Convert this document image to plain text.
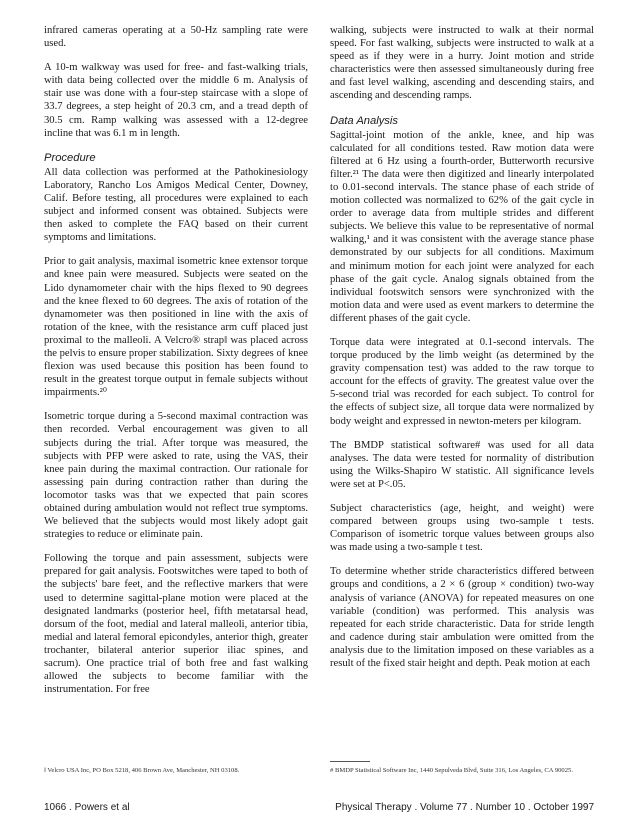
infrared cameras operating at a 50-Hz sampling rate were used.

A 10-m walkway was used for free- and fast-walking trials, with data being collected over the middle 6 m. Analysis of stair use was done with a four-step staircase with a slope of 33.7 degrees, a step height of 20.3 cm, and a tread depth of 30.5 cm. Ramp walking was assessed with a 12-degree incline that was 6.1 m in length.

Procedure

All data collection was performed at the Pathokinesiology Laboratory, Rancho Los Amigos Medical Center, Downey, Calif. Before testing, all procedures were explained to each subject and informed consent was obtained. Subjects were then asked to complete the FAQ based on their current symptoms and limitations.

Prior to gait analysis, maximal isometric knee extensor torque and knee pain were measured. Subjects were seated on the Lido dynamometer chair with the hips flexed to 90 degrees and the knee flexed to 60 degrees. The axis of rotation of the dynamometer was then positioned in line with the axis of rotation of the knee, with the resistance arm cuff placed just proximal to the malleoli. A Velcro® strap‖ was placed across the pelvis to ensure proper stabilization. Sixty degrees of knee flexion was used because this position has been found to result in the greatest torque output in female subjects without impairments.²⁰

Isometric torque during a 5-second maximal contraction was then recorded. Verbal encouragement was given to all subjects during the trial. After torque was measured, the subjects with PFP were asked to rate, using the VAS, their knee pain during the maximal contraction. Our rationale for assessing pain during contraction rather than during the locomotor tasks was that we expected that pain scores obtained during ambulation would not reflect true symptoms. We believed that the subjects would most likely adopt gait strategies to reduce or eliminate pain.

Following the torque and pain assessment, subjects were prepared for gait analysis. Footswitches were taped to both of the subjects' bare feet, and the reflective markers that were used to determine sagittal-plane motion were placed at the designated landmarks (posterior heel, fifth metatarsal head, dorsum of the foot, medial and lateral malleoli, anterior tibia, medial and lateral femoral epicondyles, anterior thigh, greater trochanter, bilateral anterior superior iliac spines, and sacrum). One practice trial of both free and fast walking allowed the subjects to become familiar with the instrumentation. For free

walking, subjects were instructed to walk at their normal speed. For fast walking, subjects were instructed to walk at a speed as if they were in a hurry. Joint motion and stride characteristics were then assessed simultaneously during free and fast level walking, ascending and descending stairs, and ascending and descending ramps.

Data Analysis

Sagittal-joint motion of the ankle, knee, and hip was calculated for all conditions tested. Raw motion data were filtered at 6 Hz using a fourth-order, Butterworth recursive filter.²¹ The data were then digitized and linearly interpolated to 0.01-second intervals. The stance phase of each stride of motion collected was normalized to 62% of the gait cycle in order to average data from multiple strides and different subjects. We believe this value to be representative of normal walking,¹ and it was consistent with the average stance phase demonstrated by our subjects for all conditions. Maximum and minimum motion for each joint were analyzed for each phase of the gait cycle. Analog signals obtained from the individual footswitch sensors were synchronized with the motion data and were used as event markers to determine the different phases of the gait cycle.

Torque data were integrated at 0.1-second intervals. The torque produced by the limb weight (as determined by the gravity compensation test) was added to the raw torque to account for the effects of gravity. The greatest value over the 5-second trial was recorded for each subject. To control for the effects of subject size, all torque data were normalized by body weight and expressed in newton-meters per kilogram.

The BMDP statistical software# was used for all data analyses. The data were tested for normality of distribution using the Wilks-Shapiro W statistic. All significance levels were set at P<.05.

Subject characteristics (age, height, and weight) were compared between groups using two-sample t tests. Comparison of isometric torque values between groups also was made using a two-sample t test.

To determine whether stride characteristics differed between groups and conditions, a 2 × 6 (group × condition) two-way analysis of variance (ANOVA) for repeated measures on one variable (condition) was performed. This analysis was repeated for each stride characteristic. Data for stride length and cadence during stair ambulation were omitted from the analysis due to the limitation imposed on these variables as a result of the fixed stair height and depth. Peak motion at each

‖ Velcro USA Inc, PO Box 5218, 406 Brown Ave, Manchester, NH 03108.	# BMDP Statistical Software Inc, 1440 Sepulveda Blvd, Suite 316, Los Angeles, CA 90025.
1066 . Powers et al	Physical Therapy . Volume 77 . Number 10 . October 1997
